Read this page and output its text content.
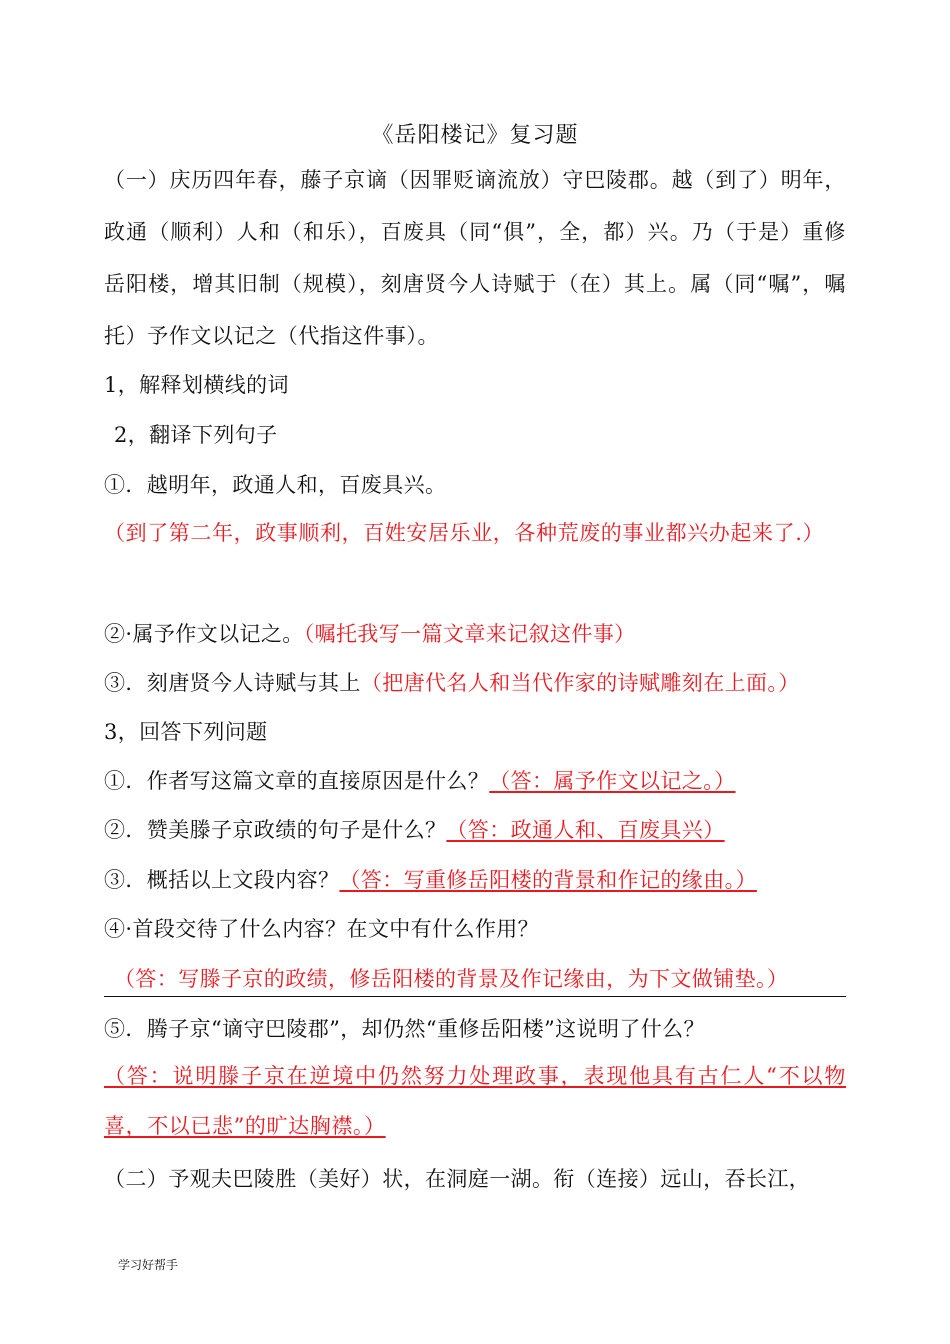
《岳阳楼记》复习题
（一）庆历四年春，藤子京谪（因罪贬谪流放）守巴陵郡。越（到了）明年，政通（顺利）人和（和乐），百废具（同“俱”，全，都）兴。乃（于是）重修岳阳楼，增其旧制（规模），刻唐贤今人诗赋于（在）其上。属（同“嘱”，嘱托）予作文以记之（代指这件事）。
1，解释划横线的词
2，翻译下列句子
①．越明年，政通人和，百废具兴。
（到了第二年，政事顺利，百姓安居乐业，各种荒废的事业都兴办起来了.）
②·属予作文以记之。（嘱托我写一篇文章来记叙这件事）
③．刻唐贤今人诗赋与其上（把唐代名人和当代作家的诗赋雕刻在上面。）
3，回答下列问题
①．作者写这篇文章的直接原因是什么？（答：属予作文以记之。）
②．赞美滕子京政绩的句子是什么？（答：政通人和、百废具兴）
③．概括以上文段内容？（答：写重修岳阳楼的背景和作记的缘由。）
④·首段交待了什么内容？在文中有什么作用？
（答：写滕子京的政绩，修岳阳楼的背景及作记缘由，为下文做铺垫。）
⑤．腾子京“谪守巴陵郡”，却仍然“重修岳阳楼”这说明了什么？
（答：说明滕子京在逆境中仍然努力处理政事，表现他具有古仁人“不以物喜，不以已悲”的旷达胸襟。）
（二）予观夫巴陵胜（美好）状，在洞庭一湖。衔（连接）远山，吞长江，
学习好帮手
